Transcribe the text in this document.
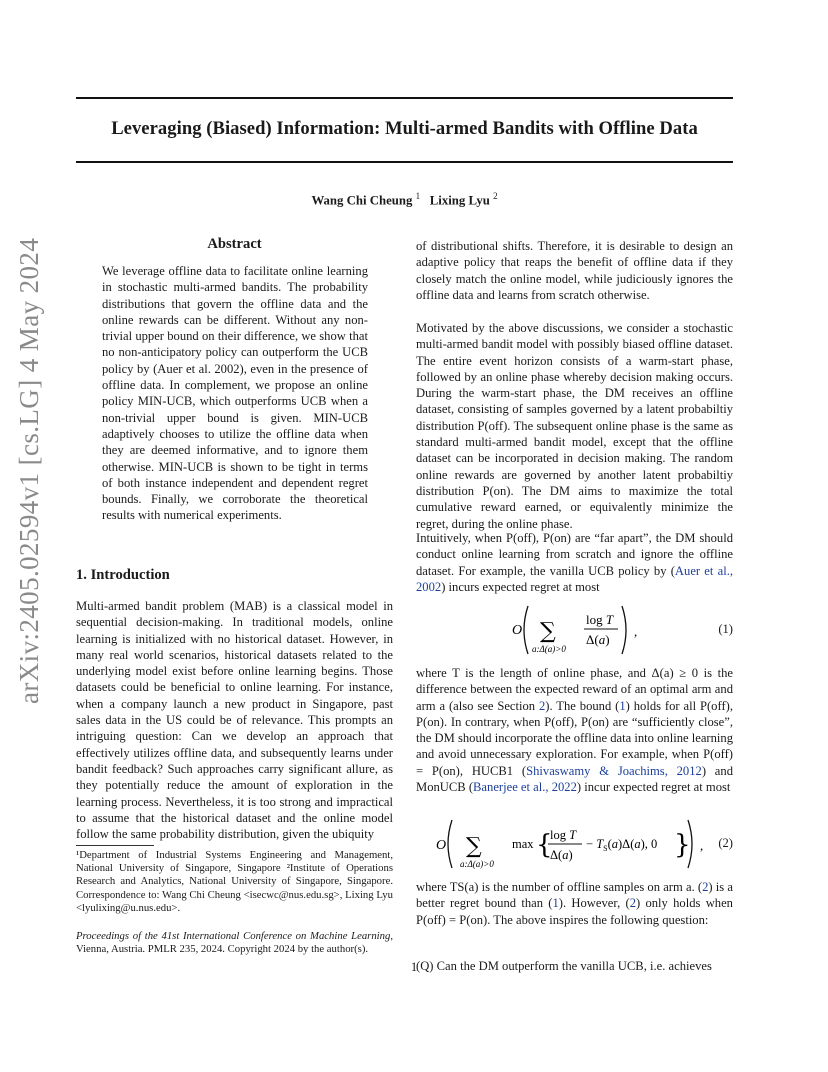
Leveraging (Biased) Information: Multi-armed Bandits with Offline Data
Wang Chi Cheung $^1$ Lixing Lyu $^2$
arXiv:2405.02594v1 [cs.LG] 4 May 2024	Abstract
We leverage offline data to facilitate online learning in stochastic multi-armed bandits. The probability distributions that govern the offline data and the online rewards can be different. Without any non-trivial upper bound on their difference, we show that no non-anticipatory policy can outperform the UCB policy by (Auer et al. 2002), even in the presence of offline data. In complement, we propose an online policy MIN-UCB, which outperforms UCB when a non-trivial upper bound is given. MIN-UCB adaptively chooses to utilize the offline data when they are deemed informative, and to ignore them otherwise. MIN-UCB is shown to be tight in terms of both instance independent and dependent regret bounds. Finally, we corroborate the theoretical results with numerical experiments.
1. Introduction
Multi-armed bandit problem (MAB) is a classical model in sequential decision-making. In traditional models, online learning is initialized with no historical dataset. However, in many real world scenarios, historical datasets related to the underlying model exist before online learning begins. Those datasets could be beneficial to online learning. For instance, when a company launch a new product in Singapore, past sales data in the US could be of relevance. This prompts an intriguing question: Can we develop an approach that effectively utilizes offline data, and subsequently learns under bandit feedback? Such approaches carry significant allure, as they potentially reduce the amount of exploration in the learning process. Nevertheless, it is too strong and impractical to assume that the historical dataset and the online model follow the same probability distribution, given the ubiquity
¹Department of Industrial Systems Engineering and Management, National University of Singapore, Singapore ²Institute of Operations Research and Analytics, National University of Singapore, Singapore. Correspondence to: Wang Chi Cheung <isecwc@nus.edu.sg>, Lixing Lyu <lyulixing@u.nus.edu>.
Proceedings of the 41st International Conference on Machine Learning, Vienna, Austria. PMLR 235, 2024. Copyright 2024 by the author(s).
of distributional shifts. Therefore, it is desirable to design an adaptive policy that reaps the benefit of offline data if they closely match the online model, while judiciously ignores the offline data and learns from scratch otherwise.
Motivated by the above discussions, we consider a stochastic multi-armed bandit model with possibly biased offline dataset. The entire event horizon consists of a warm-start phase, followed by an online phase whereby decision making occurs. During the warm-start phase, the DM receives an offline dataset, consisting of samples governed by a latent probabiltiy distribution P(off). The subsequent online phase is the same as standard multi-armed bandit model, except that the offline dataset can be incorporated in decision making. The random online rewards are governed by another latent probabiltiy distribution P(on). The DM aims to maximize the total cumulative reward earned, or equivalently minimize the regret, during the online phase.
Intuitively, when P(off), P(on) are “far apart”, the DM should conduct online learning from scratch and ignore the offline dataset. For example, the vanilla UCB policy by (Auer et al., 2002) incurs expected regret at most
O ∑
a:Δ(a)>0
log T
Δ(a)
,	(1)
where T is the length of online phase, and Δ(a) ≥ 0 is the difference between the expected reward of an optimal arm and arm a (also see Section 2). The bound (1) holds for all P(off), P(on). In contrary, when P(off), P(on) are “sufficiently close”, the DM should incorporate the offline data into online learning and avoid unnecessary exploration. For example, when P(off) = P(on), HUCB1 (Shivaswamy & Joachims, 2012) and MonUCB (Banerjee et al., 2022) incur expected regret at most
O ∑
a:Δ(a)>0
max {
log T
Δ(a)
− $T_S(a)\Delta(a)$, 0 } , (2)
where TS(a) is the number of offline samples on arm a. (2) is a better regret bound than (1). However, (2) only holds when P(off) = P(on). The above inspires the following question:
(Q) Can the DM outperform the vanilla UCB, i.e. achieves
1
